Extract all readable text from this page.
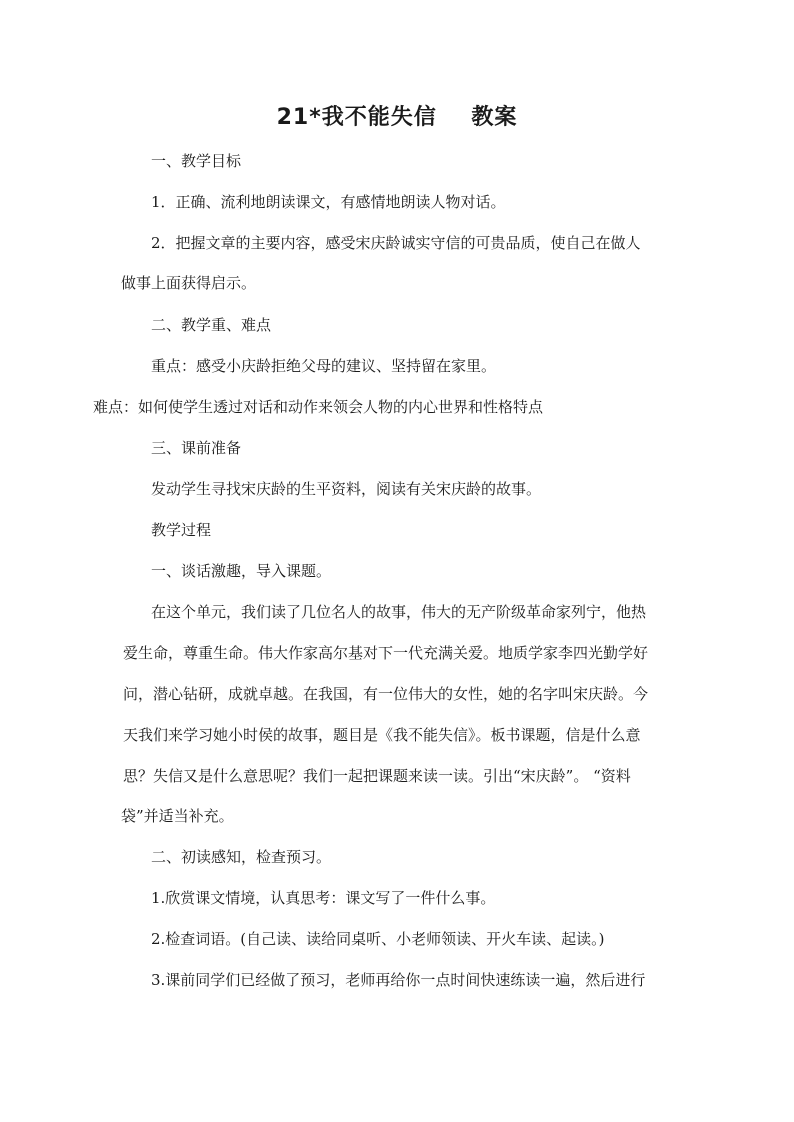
21*我不能失信    教案
一、教学目标
1．正确、流利地朗读课文，有感情地朗读人物对话。
2．把握文章的主要内容，感受宋庆龄诚实守信的可贵品质，使自己在做人
做事上面获得启示。
二、教学重、难点
重点：感受小庆龄拒绝父母的建议、坚持留在家里。
难点：如何使学生透过对话和动作来领会人物的内心世界和性格特点
三、课前准备
发动学生寻找宋庆龄的生平资料，阅读有关宋庆龄的故事。
教学过程
一、谈话激趣，导入课题。
在这个单元，我们读了几位名人的故事，伟大的无产阶级革命家列宁，他热
爱生命，尊重生命。伟大作家高尔基对下一代充满关爱。地质学家李四光勤学好
问，潜心钻研，成就卓越。在我国，有一位伟大的女性，她的名字叫宋庆龄。今
天我们来学习她小时侯的故事，题目是《我不能失信》。板书课题，信是什么意
思？失信又是什么意思呢？我们一起把课题来读一读。引出“宋庆龄”。 “资料
袋”并适当补充。
二、初读感知，检查预习。
1.欣赏课文情境，认真思考：课文写了一件什么事。
2.检查词语。(自己读、读给同桌听、小老师领读、开火车读、起读。)
3.课前同学们已经做了预习，老师再给你一点时间快速练读一遍，然后进行
